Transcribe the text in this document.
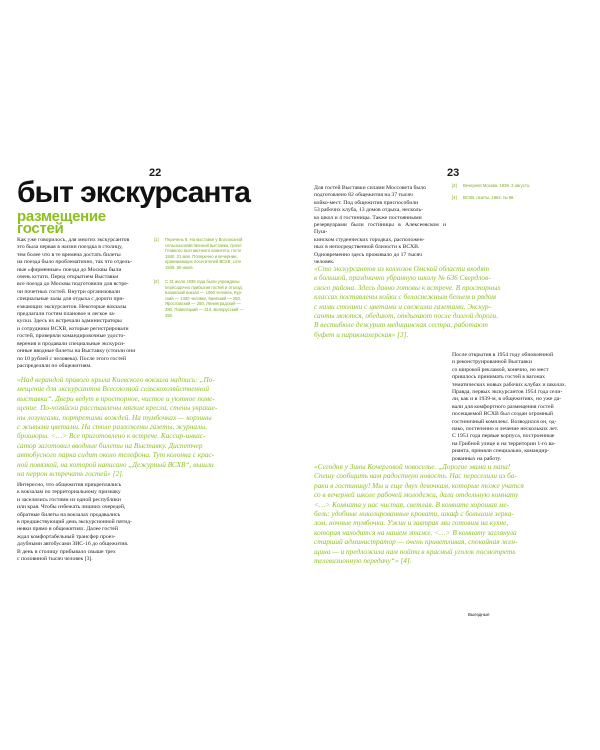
22	23
быт экскурсанта
размещение
гостей
Как уже говорилось, для многих экскурсантов
это была первая в жизни поездка в столицу,
тем более что в те времена достать билеты
на поезда было проблематично, так что отдель-
ные «фирменные» поезда до Москвы были
очень кстати. Перед открытием Выставки
все поезда до Москвы подготовили для встре-
чи почетных гостей. Внутри организовали
специальные залы для отдыха с дороги при-
езжающих экскурсантов. Некоторые вокзалы
предлагали гостям плановое и легкое за-
куски. Здесь их встречали администраторы
и сотрудники ВСХВ, которые регистрировали
гостей, проверяли командировочные удосто-
верения и продавали специальные экскурси-
онные вводные билеты на Выставку (стоили они
по 10 рублей с человека). После этого гостей
распределяли по общежитиям.
[1] Перечень 8. На выставке у Всесоюзной
сельскохозяйственной выставки, проче
Главного выставочного комитета, госте
1940. 21 мая. Поперечно и вечерние,
принимающих посетителей ВСХВ, соте
1939. 30 июля.
[2] С 31 июля 1939 года были учреждены
пересадочно прибытия гостей и отъезд.
Казанский вокзал — 1060 человек, Кур-
ский — 1300 человек, Киевский — 250,
Ярославский — 250, Ленинградский —
280, Павелецкий — 310, Белорусский —
250.
«Над верандой правого крыла Киевского вокзала надпись: „По-
мещение для экскурсантов Всесоюзной сельскохозяйственной
выставки“. Двери ведут в просторное, чистое и уютное поме-
щение. По-хозяйски расставлены мягкие кресла, стены украше-
ны лозунгами, портретами вождей. На тумбочках — корзины
с живыми цветами. На столе разложены газеты, журналы,
брошюры. <…> Все приготовлено к встрече. Кассир-инкас-
сатор заготовил вводные билеты на Выставку. Диспетчер
автобусного парка сидит около телефона. Тут колонка с крас-
ной повязкой, на которой написано „Дежурный ВСХВ“, вышли
на перрон встречать гостей» [2].
Интересно, что общежития прикреплялись
к вокзалам по территориальному признаку
и заселялись гостями из одной республики
или края. Чтобы избежать лишних очередей,
обратные билеты на вокзалах продавались
в предшествующий день экскурсионной пятид-
невки прямо в общежитиях. Далее гостей
ждал комфортабельный трансфер проез-
длубными автобусами ЗИС-16 до общежития.
В день в столицу прибывало свыше трех
с половиной тысяч человек [3].
Для гостей Выставки силами Моссовета было
подготовлено 82 общежития на 37 тысяч
койко-мест. Под общежития приспособили
53 рабочих клуба, 13 домов отдыха, несколь-
ко школ и 4 гостиницы. Также постоянными
резервуарами были гостиницы в Алексеевском и Пуш-
кинском студенческих городках, расположен-
ных в непосредственной близости к ВСХВ.
Одновременно здесь проживало до 17 тысяч
человек.
[3] Вечерняя Москва. 1939. 3 августа.
[4] ВСХВ. газеты. 1954. № 96.
«Сто экскурсантов из колхозов Омской области входят
в большой, празднично убранную школу № 636 Свердлов-
ского района. Здесь давно готовы к встрече. В просторных
классах поставлены койки с белоснежным бельем и рядом
с ними столики с цветами и свежими газетами. Экскур-
санты моются, обедают, отдыхают после долгой дороги.
В вестибюле дежурит медицинская сестра, работают
буфет и парикмахерская» [3].
После открытия в 1954 году обновленной
и реконструированной Выставки
со широкой рекламой, конечно, но мест
пришлось принимать гостей в вагонах
тематических новых рабочих клубах и школах.
Правда, первых экскурсантов 1954 года сели-
ли, как и в 1939-м, в общежитиях, но уже да-
вали для комфортного размещения гостей
посещаемой ВСХВ был создан огромный
гостиничный комплекс. Возводился он, од-
нако, постепенно и лечение нескольких лет.
С 1951 года первые корпуса, построенные
на Грибной улице и на территории 1-го ва-
рианта, приняли специально, командир-
рованных на работу.
«Сегодня у Зины Кочерговой новоселье. „Дорогие мама и папа!
Спешу сообщить вам радостную новость. Нас переселили из ба-
раки в гостиницу! Мы и еще двух девочкам, которые тоже учатся
со в вечерней школе рабочей молодежи, дали отдельную комнату
<…> Комната у нас чистая, светлая. В комнате хорошая ме-
бель: удобные никелированные кровати, шкаф с большим зерка-
лом, ночные тумбочки. Ужин и завтрак мы готовим на кухне,
которая находится на нашем этаже. <…> В комнату заглянула
старший администратор — очень приветливая, спокойная жен-
щина — и предложила нам пойти в красный уголок посмотреть
телевизионную передачу“» [4].
Выездные
